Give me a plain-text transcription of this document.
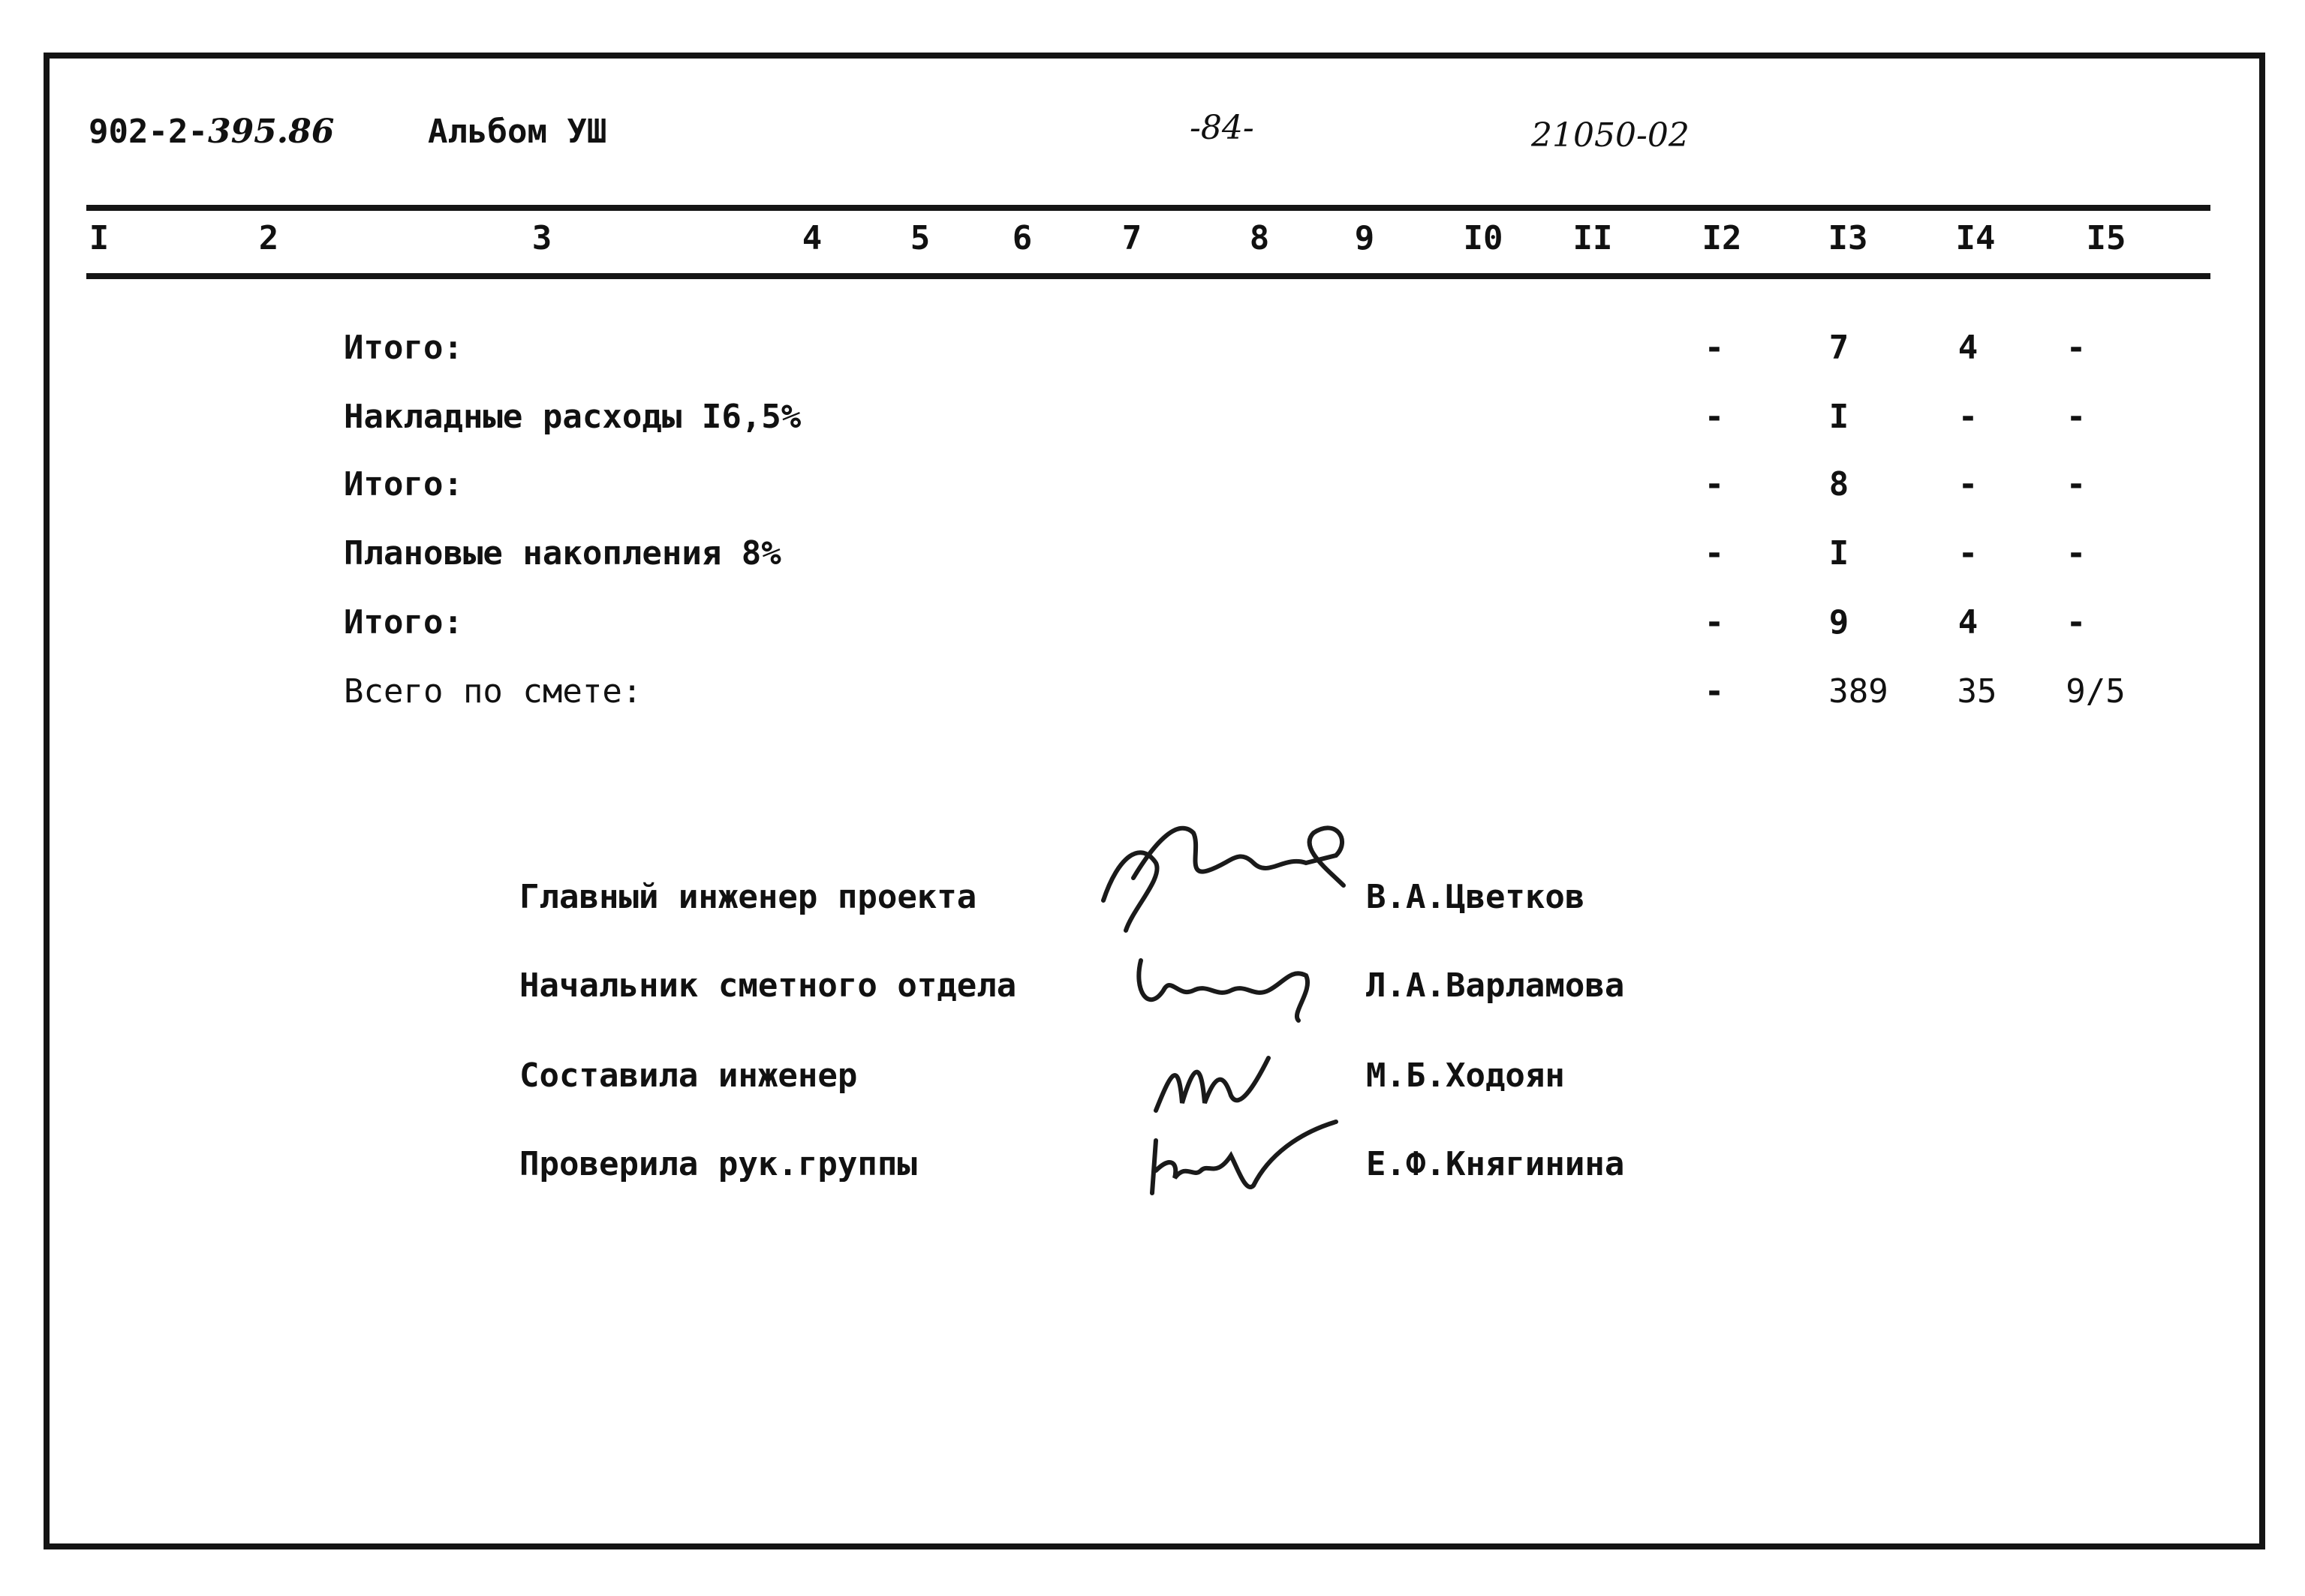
902-2-395.86	Альбом УШ	-84-	21050-02
I	2	3	4	5 6	7	8	9	I0 II	I2	I3	I4	I5
Итого:	-	7	4	-
Накладные расходы I6,5%	-	I	-	-
Итого:	-	8	-	-
Плановые накопления 8%	-	I	-	-
Итого:	-	9	4	-
Всего по смете:	-	389 35 9/5
Главный инженер проекта	В.А.Цветков
Начальник сметного отдела	Л.А.Варламова
Составила инженер	М.Б.Ходоян
Проверила рук.группы	Е.Ф.Княгинина
